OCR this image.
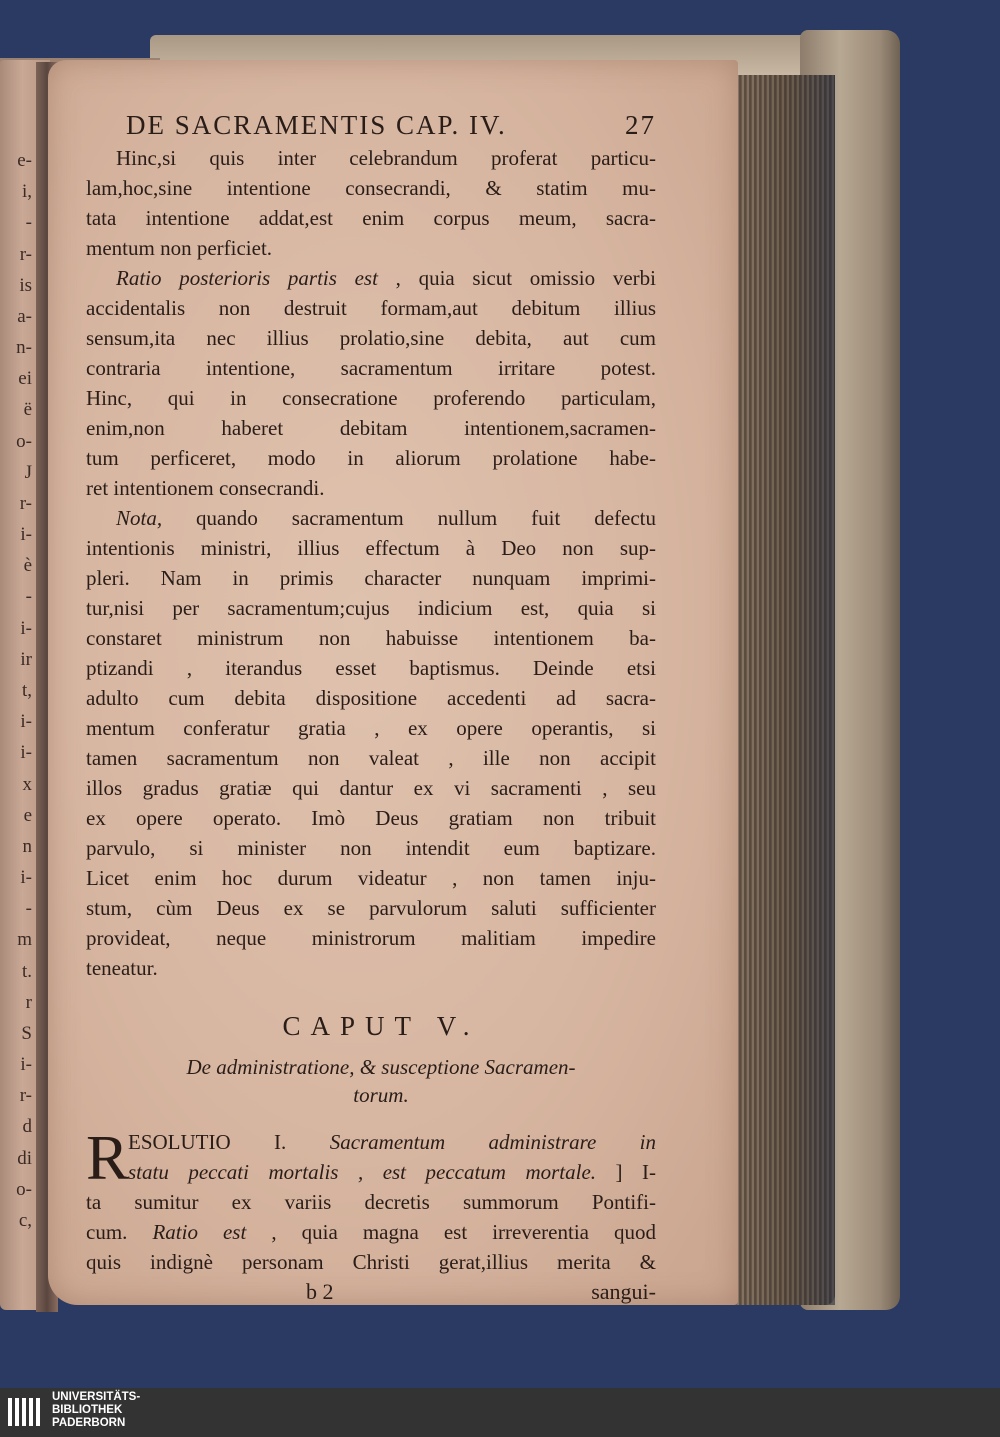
e-
i,
-
r-
is
a-
n-
ei
ë
o-
J
r-
i-
è
-
i-
ir
t,
i-
i-
x
e
n
i-
-
m
t.
r
S
i-
r-
d
di
o-
c,
DE SACRAMENTIS CAP. IV.	27
Hinc,si quis inter celebrandum proferat particu-
lam,hoc,sine intentione consecrandi, & statim mu-
tata intentione addat,est enim corpus meum, sacra-
mentum non perficiet.
Ratio posterioris partis est , quia sicut omissio verbi
accidentalis non destruit formam,aut debitum illius
sensum,ita nec illius prolatio,sine debita, aut cum
contraria intentione, sacramentum irritare potest.
Hinc, qui in consecratione proferendo particulam,
enim,non haberet debitam intentionem,sacramen-
tum perficeret, modo in aliorum prolatione habe-
ret intentionem consecrandi.
Nota, quando sacramentum nullum fuit defectu
intentionis ministri, illius effectum à Deo non sup-
pleri. Nam in primis character nunquam imprimi-
tur,nisi per sacramentum;cujus indicium est, quia si
constaret ministrum non habuisse intentionem ba-
ptizandi , iterandus esset baptismus. Deinde etsi
adulto cum debita dispositione accedenti ad sacra-
mentum conferatur gratia , ex opere operantis, si
tamen sacramentum non valeat , ille non accipit
illos gradus gratiæ qui dantur ex vi sacramenti , seu
ex opere operato. Imò Deus gratiam non tribuit
parvulo, si minister non intendit eum baptizare.
Licet enim hoc durum videatur , non tamen inju-
stum, cùm Deus ex se parvulorum saluti sufficienter
provideat, neque ministrorum malitiam impedire
teneatur.
CAPUT V.
De administratione, & susceptione Sacramen-
torum.
R ESOLUTIO I. Sacramentum administrare in
statu peccati mortalis , est peccatum mortale. ] I-
ta sumitur ex variis decretis summorum Pontifi-
cum. Ratio est , quia magna est irreverentia quod
quis indignè personam Christi gerat,illius merita &
b 2	sangui-
UNIVERSITÄTS-
BIBLIOTHEK
PADERBORN
